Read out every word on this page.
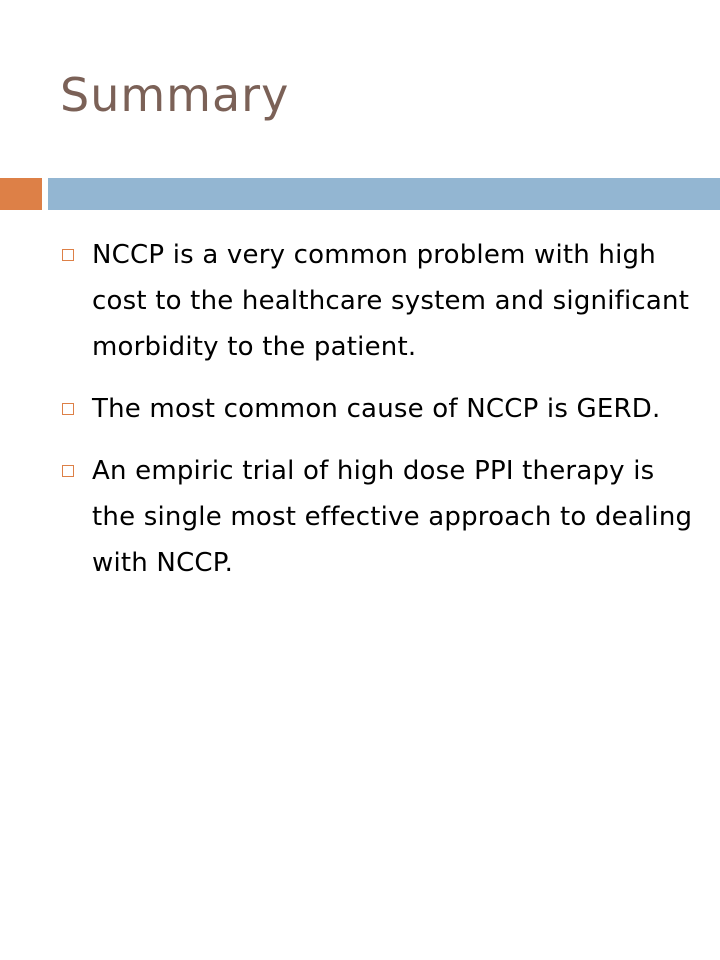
Summary
NCCP is a very common problem with high cost to the healthcare system and significant morbidity to the patient.
The most common cause of NCCP is GERD.
An empiric trial of high dose PPI therapy is the single most effective approach to dealing with NCCP.
